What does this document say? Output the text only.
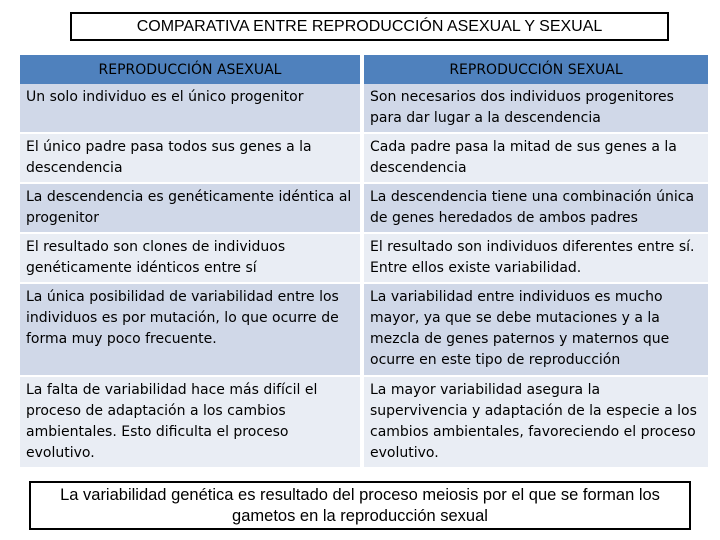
COMPARATIVA ENTRE REPRODUCCIÓN ASEXUAL Y SEXUAL
REPRODUCCIÓN ASEXUAL	REPRODUCCIÓN SEXUAL
Un solo individuo es el único progenitor	Son necesarios dos individuos progenitores para dar lugar a la descendencia
El único padre pasa todos sus genes a la descendencia	Cada padre pasa la mitad de sus genes a la descendencia
La descendencia es genéticamente idéntica al progenitor	La descendencia tiene una combinación única de genes heredados de ambos padres
El resultado son clones de individuos genéticamente idénticos entre sí	El resultado son individuos diferentes entre sí. Entre ellos existe variabilidad.
La única posibilidad de variabilidad entre los individuos es por mutación, lo que ocurre de forma muy poco frecuente.	La variabilidad entre individuos es mucho mayor, ya que se debe mutaciones y a la mezcla de genes paternos y maternos que ocurre en este tipo de reproducción
La falta de variabilidad hace más difícil el proceso de adaptación a los cambios ambientales. Esto dificulta el proceso evolutivo.	La mayor variabilidad asegura la supervivencia y adaptación de la especie a los cambios ambientales, favoreciendo el proceso evolutivo.
La variabilidad genética es resultado del proceso meiosis por el que se forman los gametos en la reproducción sexual
